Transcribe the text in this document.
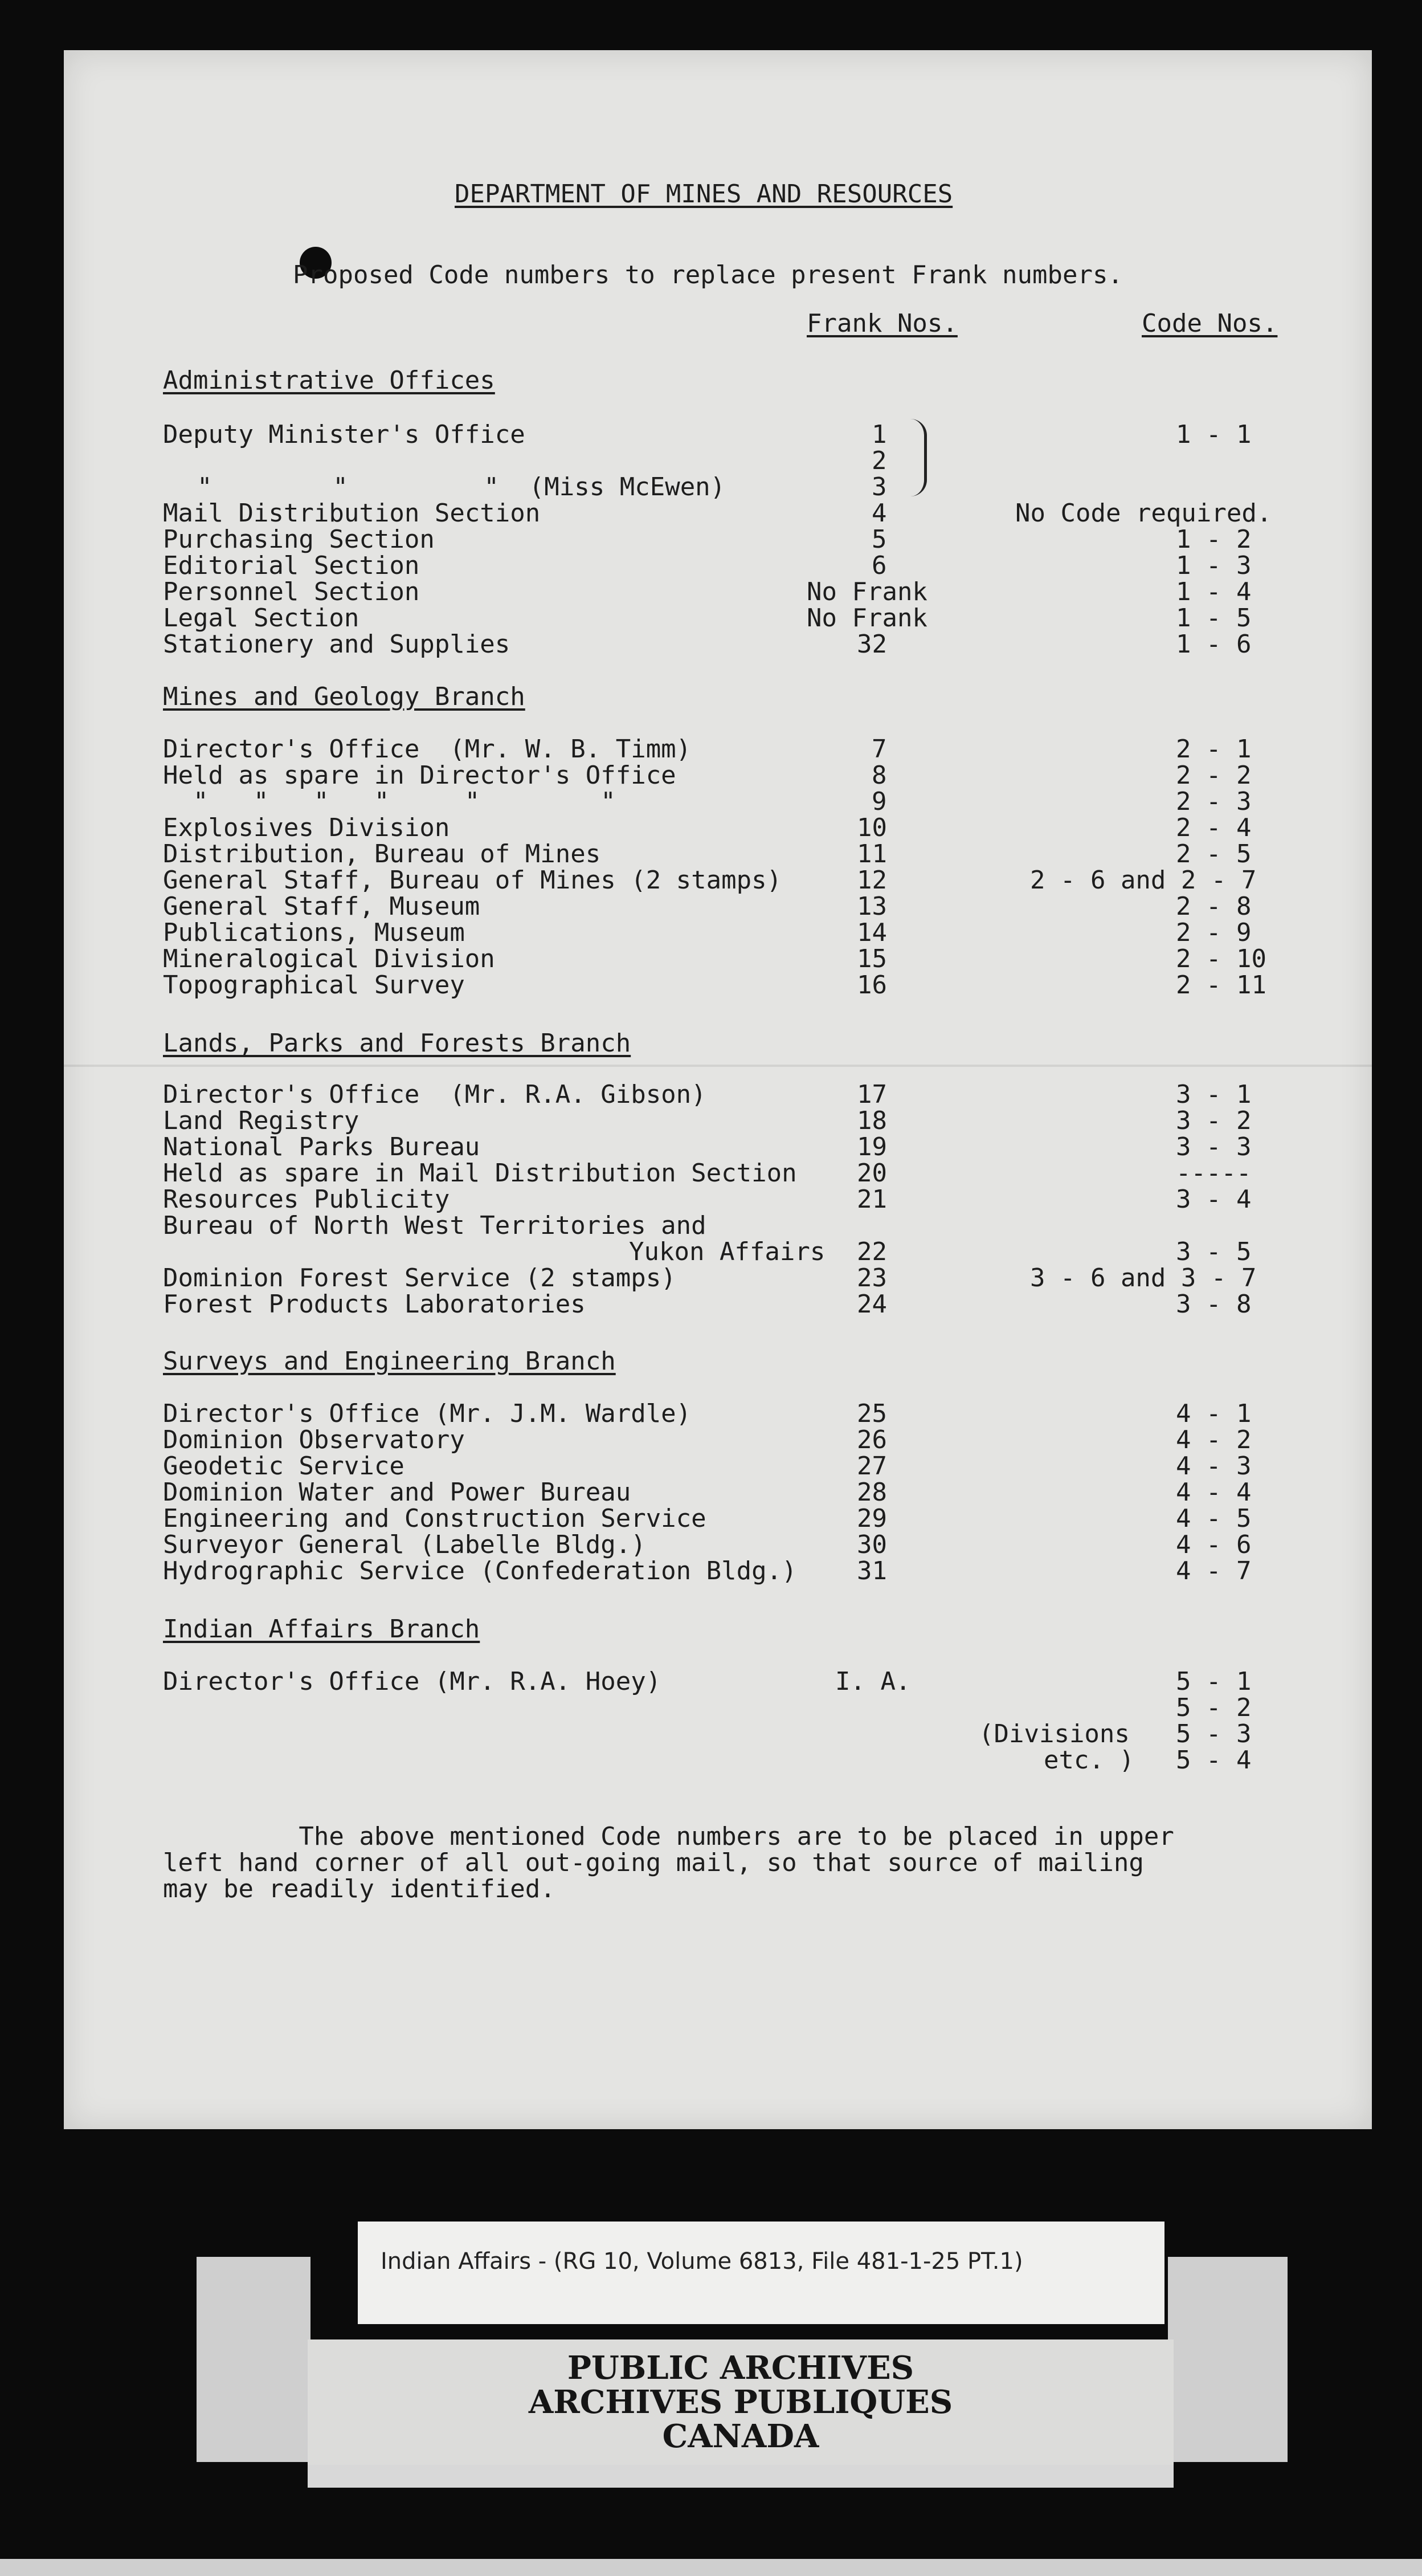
DEPARTMENT OF MINES AND RESOURCES
Proposed Code numbers to replace present Frank numbers.
Frank Nos.	Code Nos.
Administrative Offices
Deputy Minister's Office	1	1 - 1
2
"        "         "  (Miss McEwen)	3
Mail Distribution Section	4	No Code required.
Purchasing Section	5	1 - 2
Editorial Section	6	1 - 3
Personnel Section	No Frank	1 - 4
Legal Section	No Frank	1 - 5
Stationery and Supplies	32	1 - 6
Mines and Geology Branch
Director's Office  (Mr. W. B. Timm)	7	2 - 1
Held as spare in Director's Office	8	2 - 2
"   "   "   "     "        "	9	2 - 3
Explosives Division	10	2 - 4
Distribution, Bureau of Mines	11	2 - 5
General Staff, Bureau of Mines (2 stamps)	12	2 - 6 and 2 - 7
General Staff, Museum	13	2 - 8
Publications, Museum	14	2 - 9
Mineralogical Division	15	2 - 10
Topographical Survey	16	2 - 11
Lands, Parks and Forests Branch
Director's Office  (Mr. R.A. Gibson)	17	3 - 1
Land Registry	18	3 - 2
National Parks Bureau	19	3 - 3
Held as spare in Mail Distribution Section 20	-----
Resources Publicity	21	3 - 4
Bureau of North West Territories and
Yukon Affairs 22	3 - 5
Dominion Forest Service (2 stamps)	23	3 - 6 and 3 - 7
Forest Products Laboratories	24	3 - 8
Surveys and Engineering Branch
Director's Office (Mr. J.M. Wardle)	25	4 - 1
Dominion Observatory	26	4 - 2
Geodetic Service	27	4 - 3
Dominion Water and Power Bureau	28	4 - 4
Engineering and Construction Service	29	4 - 5
Surveyor General (Labelle Bldg.)	30	4 - 6
Hydrographic Service (Confederation Bldg.) 31	4 - 7
Indian Affairs Branch
Director's Office (Mr. R.A. Hoey)	I. A.	5 - 1
5 - 2
(Divisions 5 - 3
etc. ) 5 - 4
The above mentioned Code numbers are to be placed in upper
left hand corner of all out-going mail, so that source of mailing
may be readily identified.
Indian Affairs - (RG 10, Volume 6813, File 481-1-25 PT.1)
PUBLIC ARCHIVES
ARCHIVES PUBLIQUES
CANADA
